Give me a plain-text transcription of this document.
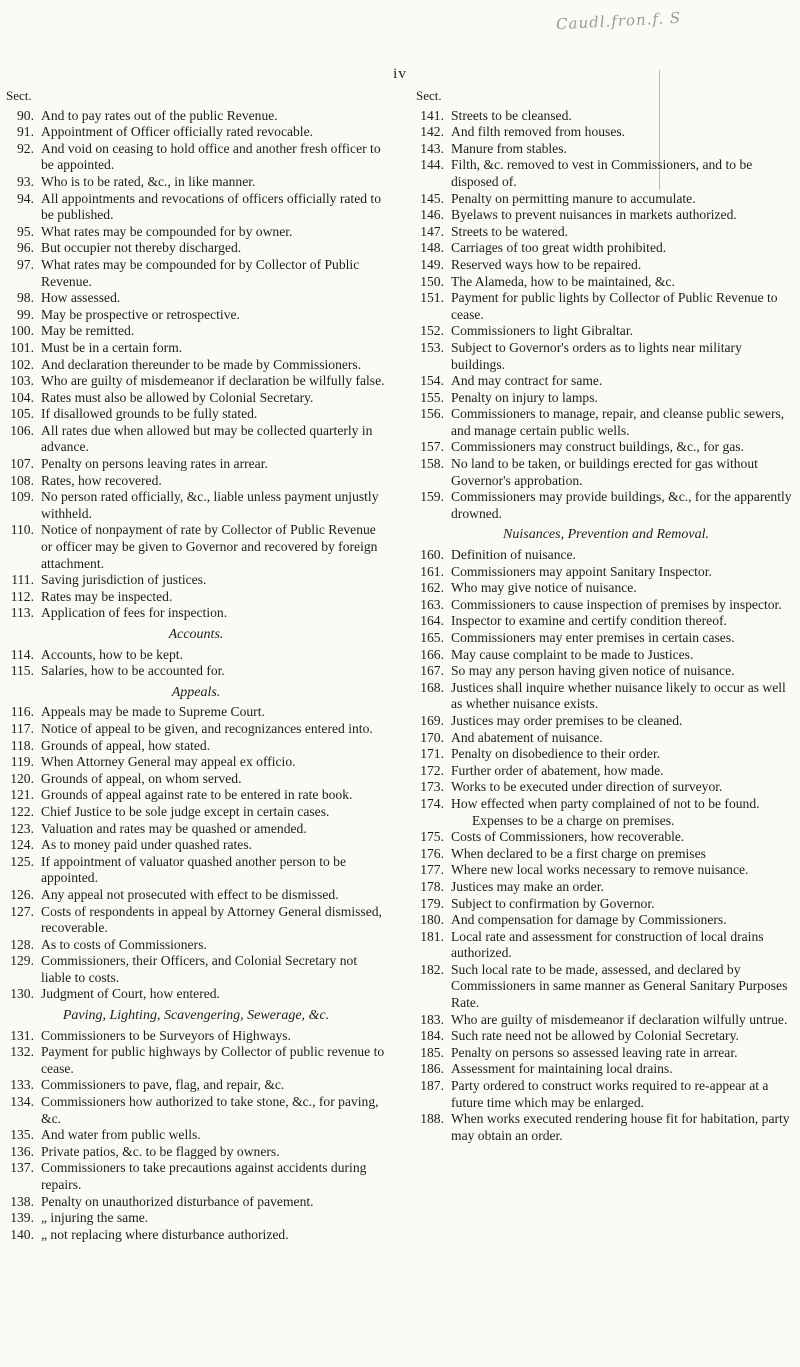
Caudl.fron.f. S
iv
Sect.
90. And to pay rates out of the public Revenue.
91. Appointment of Officer officially rated revocable.
92. And void on ceasing to hold office and another fresh officer to be appointed.
93. Who is to be rated, &c., in like manner.
94. All appointments and revocations of officers officially rated to be published.
95. What rates may be compounded for by owner.
96. But occupier not thereby discharged.
97. What rates may be compounded for by Collector of Public Revenue.
98. How assessed.
99. May be prospective or retrospective.
100. May be remitted.
101. Must be in a certain form.
102. And declaration thereunder to be made by Commissioners.
103. Who are guilty of misdemeanor if declaration be wilfully false.
104. Rates must also be allowed by Colonial Secretary.
105. If disallowed grounds to be fully stated.
106. All rates due when allowed but may be collected quarterly in advance.
107. Penalty on persons leaving rates in arrear.
108. Rates, how recovered.
109. No person rated officially, &c., liable unless payment unjustly withheld.
110. Notice of nonpayment of rate by Collector of Public Revenue or officer may be given to Governor and recovered by foreign attachment.
111. Saving jurisdiction of justices.
112. Rates may be inspected.
113. Application of fees for inspection.
Accounts.
114. Accounts, how to be kept.
115. Salaries, how to be accounted for.
Appeals.
116. Appeals may be made to Supreme Court.
117. Notice of appeal to be given, and recognizances entered into.
118. Grounds of appeal, how stated.
119. When Attorney General may appeal ex officio.
120. Grounds of appeal, on whom served.
121. Grounds of appeal against rate to be entered in rate book.
122. Chief Justice to be sole judge except in certain cases.
123. Valuation and rates may be quashed or amended.
124. As to money paid under quashed rates.
125. If appointment of valuator quashed another person to be appointed.
126. Any appeal not prosecuted with effect to be dismissed.
127. Costs of respondents in appeal by Attorney General dismissed, recoverable.
128. As to costs of Commissioners.
129. Commissioners, their Officers, and Colonial Secretary not liable to costs.
130. Judgment of Court, how entered.
Paving, Lighting, Scavengering, Sewerage, &c.
131. Commissioners to be Surveyors of Highways.
132. Payment for public highways by Collector of public revenue to cease.
133. Commissioners to pave, flag, and repair, &c.
134. Commissioners how authorized to take stone, &c., for paving, &c.
135. And water from public wells.
136. Private patios, &c. to be flagged by owners.
137. Commissioners to take precautions against accidents during repairs.
138. Penalty on unauthorized disturbance of pavement.
139. „ injuring the same.
140. „ not replacing where disturbance authorized.
Sect.
141. Streets to be cleansed.
142. And filth removed from houses.
143. Manure from stables.
144. Filth, &c. removed to vest in Commissioners, and to be disposed of.
145. Penalty on permitting manure to accumulate.
146. Byelaws to prevent nuisances in markets authorized.
147. Streets to be watered.
148. Carriages of too great width prohibited.
149. Reserved ways how to be repaired.
150. The Alameda, how to be maintained, &c.
151. Payment for public lights by Collector of Public Revenue to cease.
152. Commissioners to light Gibraltar.
153. Subject to Governor's orders as to lights near military buildings.
154. And may contract for same.
155. Penalty on injury to lamps.
156. Commissioners to manage, repair, and cleanse public sewers, and manage certain public wells.
157. Commissioners may construct buildings, &c., for gas.
158. No land to be taken, or buildings erected for gas without Governor's approbation.
159. Commissioners may provide buildings, &c., for the apparently drowned.
Nuisances, Prevention and Removal.
160. Definition of nuisance.
161. Commissioners may appoint Sanitary Inspector.
162. Who may give notice of nuisance.
163. Commissioners to cause inspection of premises by inspector.
164. Inspector to examine and certify condition thereof.
165. Commissioners may enter premises in certain cases.
166. May cause complaint to be made to Justices.
167. So may any person having given notice of nuisance.
168. Justices shall inquire whether nuisance likely to occur as well as whether nuisance exists.
169. Justices may order premises to be cleaned.
170. And abatement of nuisance.
171. Penalty on disobedience to their order.
172. Further order of abatement, how made.
173. Works to be executed under direction of surveyor.
174. How effected when party complained of not to be found.
Expenses to be a charge on premises.
175. Costs of Commissioners, how recoverable.
176. When declared to be a first charge on premises
177. Where new local works necessary to remove nuisance.
178. Justices may make an order.
179. Subject to confirmation by Governor.
180. And compensation for damage by Commissioners.
181. Local rate and assessment for construction of local drains authorized.
182. Such local rate to be made, assessed, and declared by Commissioners in same manner as General Sanitary Purposes Rate.
183. Who are guilty of misdemeanor if declaration wilfully untrue.
184. Such rate need not be allowed by Colonial Secretary.
185. Penalty on persons so assessed leaving rate in arrear.
186. Assessment for maintaining local drains.
187. Party ordered to construct works required to re-appear at a future time which may be enlarged.
188. When works executed rendering house fit for habitation, party may obtain an order.
